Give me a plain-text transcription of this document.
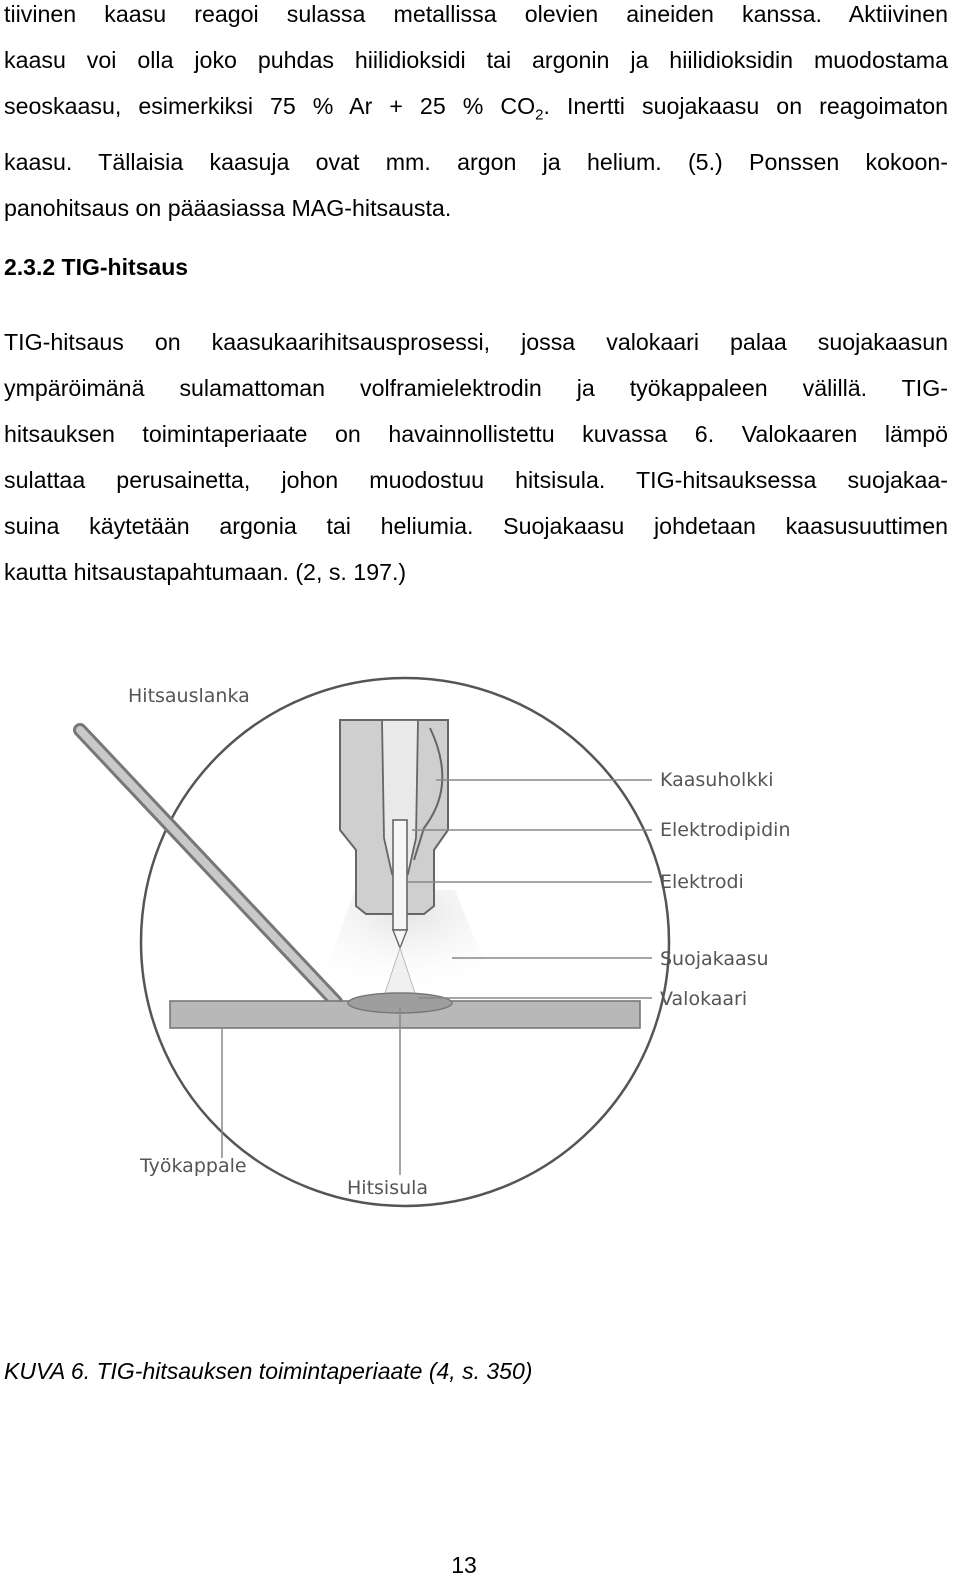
tiivinen kaasu reagoi sulassa metallissa olevien aineiden kanssa. Aktiivinen
kaasu voi olla joko puhdas hiilidioksidi tai argonin ja hiilidioksidin muodostama
seoskaasu, esimerkiksi 75 % Ar + 25 % $CO_2$. Inertti suojakaasu on reagoimaton
kaasu. Tällaisia kaasuja ovat mm. argon ja helium. (5.) Ponssen kokoon-
panohitsaus on pääasiassa MAG-hitsausta.
2.3.2 TIG-hitsaus
TIG-hitsaus on kaasukaarihitsausprosessi, jossa valokaari palaa suojakaasun
ympäröimänä sulamattoman volframielektrodin ja työkappaleen välillä. TIG-
hitsauksen toimintaperiaate on havainnollistettu kuvassa 6. Valokaaren lämpö
sulattaa perusainetta, johon muodostuu hitsisula. TIG-hitsauksessa suojakaa-
suina käytetään argonia tai heliumia. Suojakaasu johdetaan kaasusuuttimen
kautta hitsaustapahtumaan. (2, s. 197.)
Hitsauslanka
Kaasuholkki
Elektrodipidin
Elektrodi
Suojakaasu
Valokaari
Työkappale
Hitsisula

KUVA 6. TIG-hitsauksen toimintaperiaate (4, s. 350)

13
